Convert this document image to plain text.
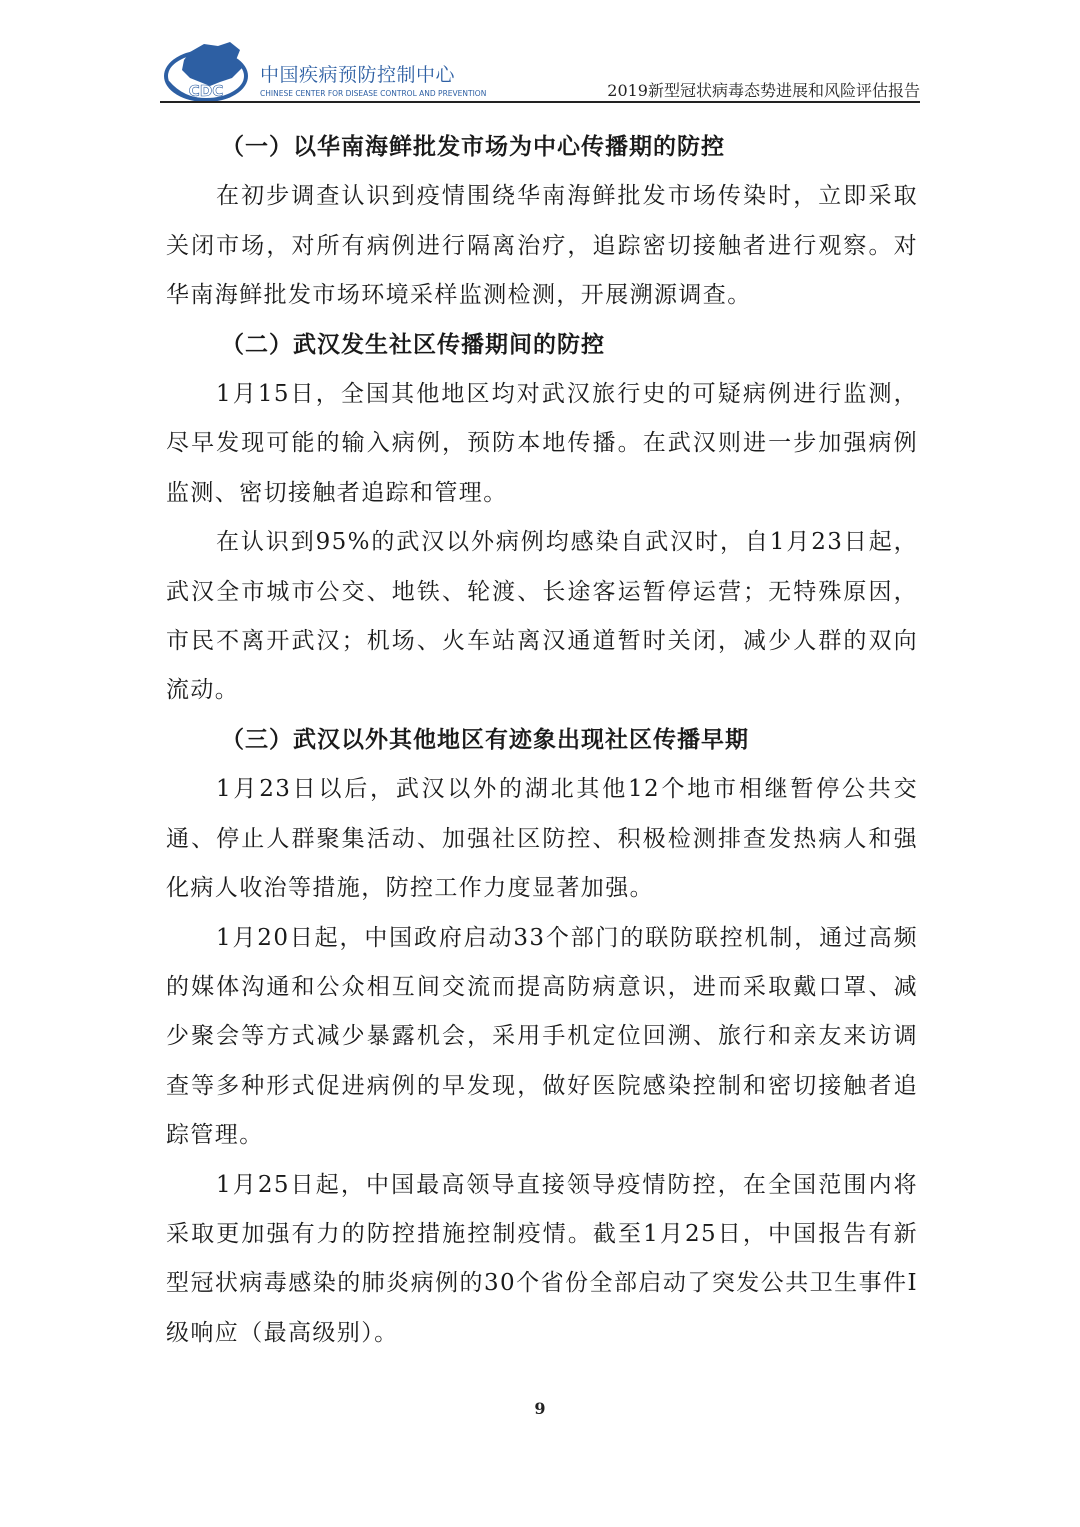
CDC
中国疾病预防控制中心
CHINESE CENTER FOR DISEASE CONTROL AND PREVENTION	2019新型冠状病毒态势进展和风险评估报告
（一）以华南海鲜批发市场为中心传播期的防控

在初步调查认识到疫情围绕华南海鲜批发市场传染时，立即采取关闭市场，对所有病例进行隔离治疗，追踪密切接触者进行观察。对华南海鲜批发市场环境采样监测检测，开展溯源调查。

（二）武汉发生社区传播期间的防控

1月15日，全国其他地区均对武汉旅行史的可疑病例进行监测，尽早发现可能的输入病例，预防本地传播。在武汉则进一步加强病例监测、密切接触者追踪和管理。

在认识到95%的武汉以外病例均感染自武汉时，自1月23日起，武汉全市城市公交、地铁、轮渡、长途客运暂停运营；无特殊原因，市民不离开武汉；机场、火车站离汉通道暂时关闭，减少人群的双向流动。

（三）武汉以外其他地区有迹象出现社区传播早期

1月23日以后，武汉以外的湖北其他12个地市相继暂停公共交通、停止人群聚集活动、加强社区防控、积极检测排查发热病人和强化病人收治等措施，防控工作力度显著加强。

1月20日起，中国政府启动33个部门的联防联控机制，通过高频的媒体沟通和公众相互间交流而提高防病意识，进而采取戴口罩、减少聚会等方式减少暴露机会，采用手机定位回溯、旅行和亲友来访调查等多种形式促进病例的早发现，做好医院感染控制和密切接触者追踪管理。

1月25日起，中国最高领导直接领导疫情防控，在全国范围内将采取更加强有力的防控措施控制疫情。截至1月25日，中国报告有新型冠状病毒感染的肺炎病例的30个省份全部启动了突发公共卫生事件Ⅰ级响应（最高级别）。

9
